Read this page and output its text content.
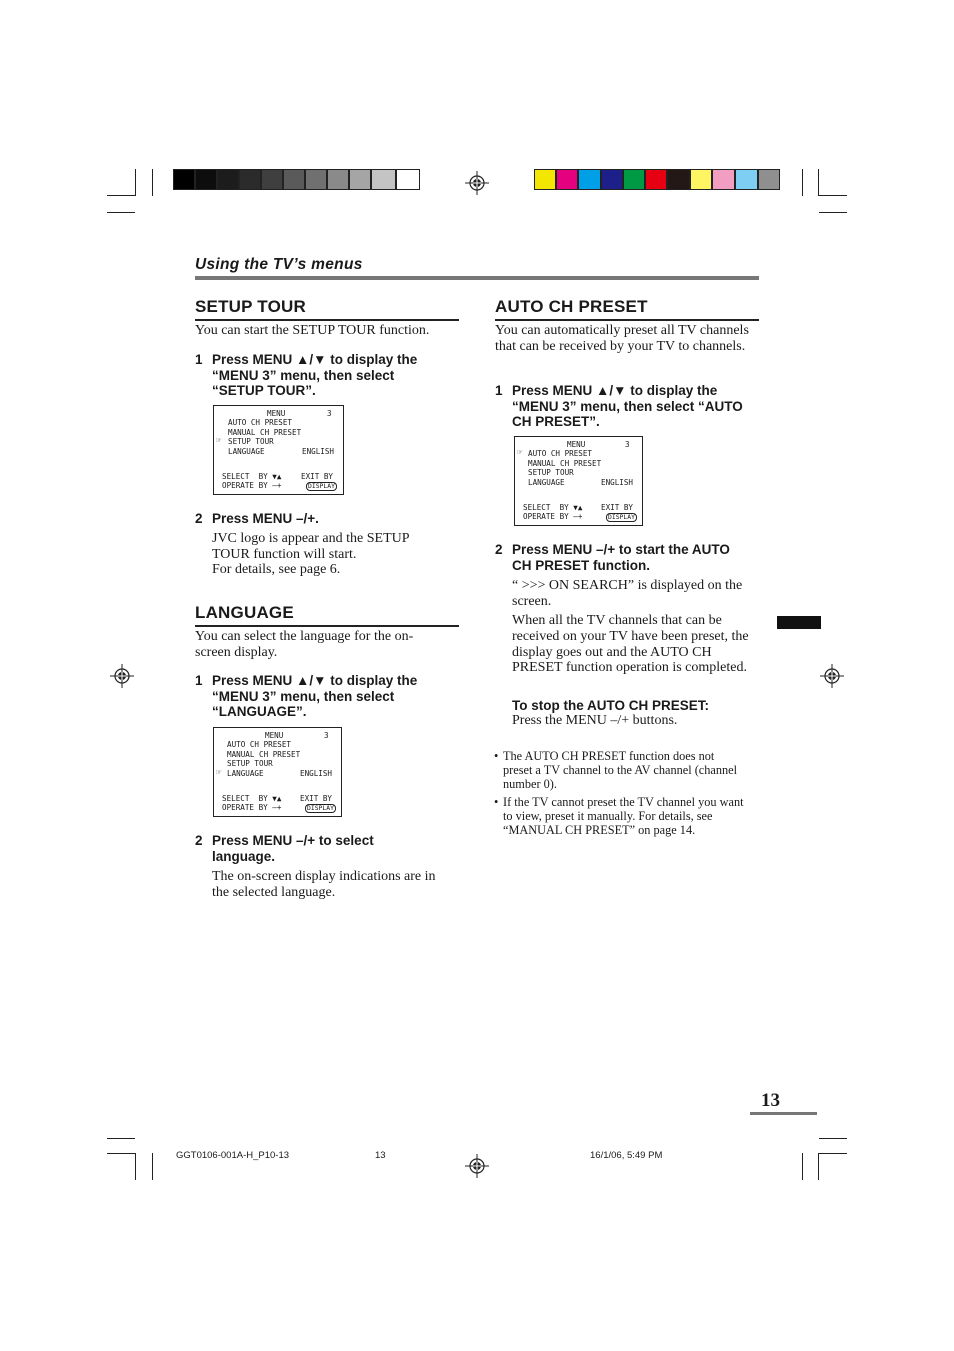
Using the TV’s menus
SETUP TOUR
You can start the SETUP TOUR function.
1 Press MENU ▲/▼ to display the “MENU 3” menu, then select “SETUP TOUR”.
MENU	3
AUTO CH PRESET
MANUAL CH PRESET
☞ SETUP TOUR
LANGUAGE	ENGLISH
SELECT  BY ▼▲	EXIT BY
OPERATE BY –+	DISPLAY
2 Press MENU –/+.
JVC logo is appear and the SETUP TOUR function will start.
For details, see page 6.
LANGUAGE
You can select the language for the on-screen display.
1 Press MENU ▲/▼ to display the “MENU 3” menu, then select “LANGUAGE”.
MENU	3
AUTO CH PRESET
MANUAL CH PRESET
SETUP TOUR
☞ LANGUAGE	ENGLISH
SELECT  BY ▼▲ EXIT BY
OPERATE BY –+	DISPLAY
2 Press MENU –/+ to select language.
The on-screen display indications are in the selected language.
AUTO CH PRESET
You can automatically preset all TV channels that can be received by your TV to channels.
1 Press MENU ▲/▼ to display the “MENU 3” menu, then select “AUTO CH PRESET”.
MENU	3
☞ AUTO CH PRESET
MANUAL CH PRESET
SETUP TOUR
LANGUAGE	ENGLISH
SELECT  BY ▼▲ EXIT BY
OPERATE BY –+	DISPLAY
2 Press MENU –/+ to start the AUTO CH PRESET function.
“ >>> ON SEARCH” is displayed on the screen.
When all the TV channels that can be received on your TV have been preset, the display goes out and the AUTO CH PRESET function operation is completed.
To stop the AUTO CH PRESET:
Press the MENU –/+ buttons.
• The AUTO CH PRESET function does not preset a TV channel to the AV channel (channel number 0).
• If the TV cannot preset the TV channel you want to view, preset it manually. For details, see “MANUAL CH PRESET” on page 14.
13
GGT0106-001A-H_P10-13	13	16/1/06, 5:49 PM
